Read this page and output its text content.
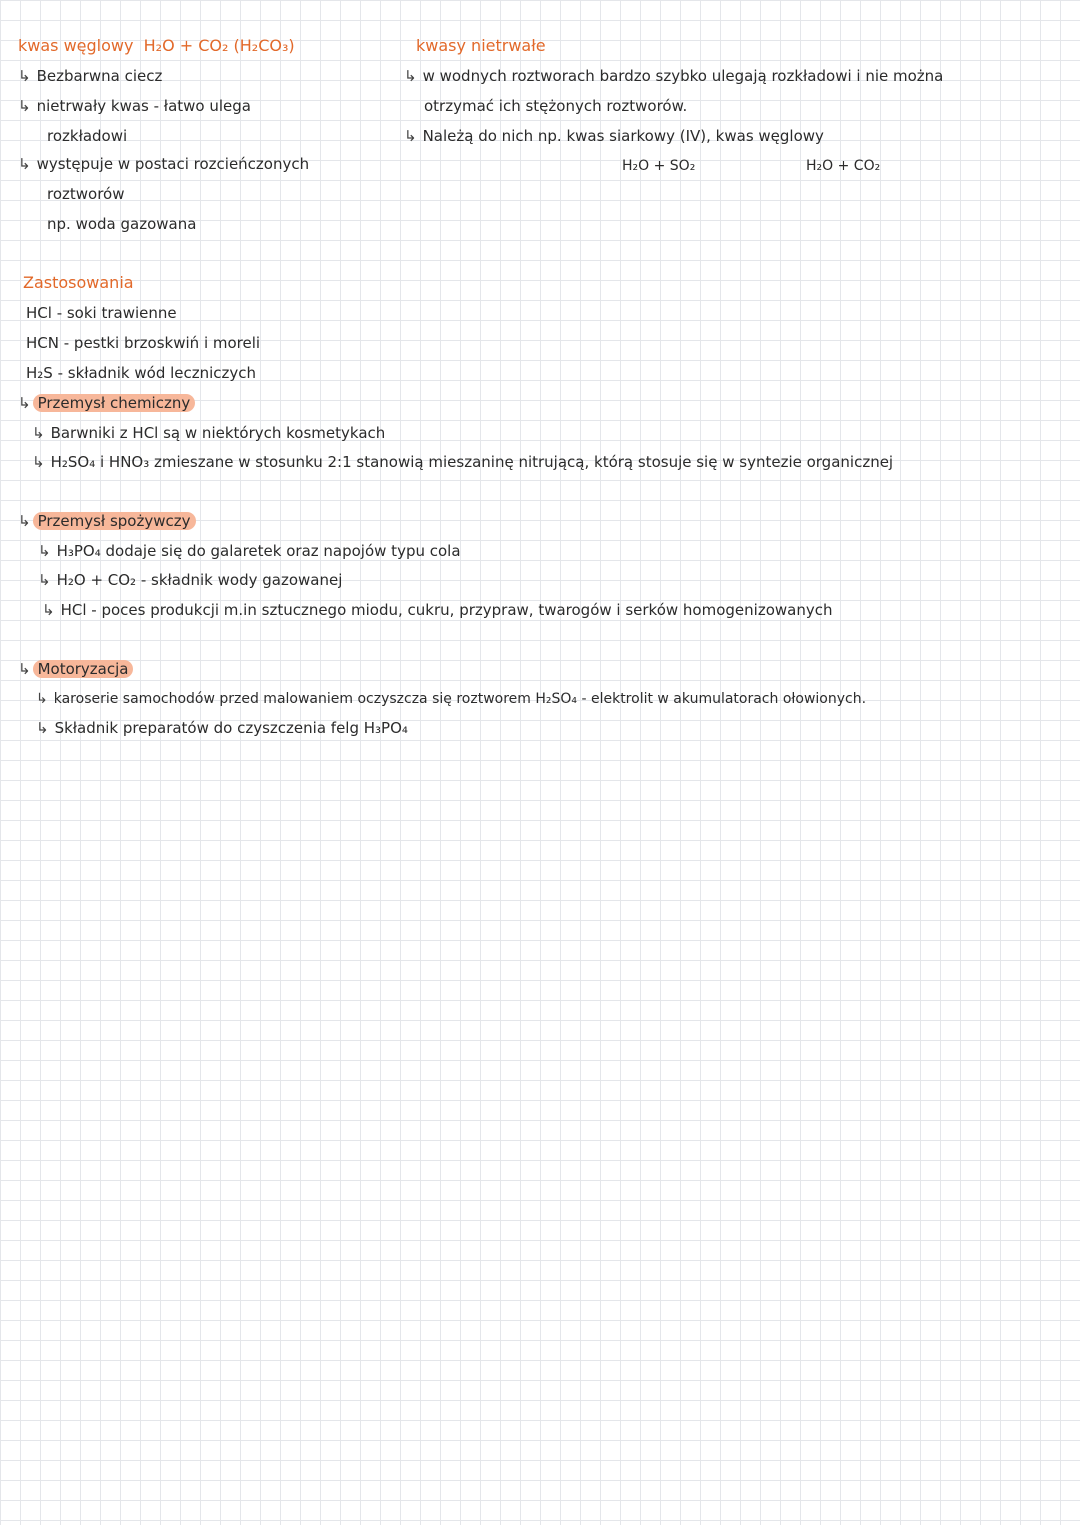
kwas węglowy H₂O + CO₂ (H₂CO₃)
↳ Bezbarwna ciecz
↳ nietrwały kwas - łatwo ulega
rozkładowi
↳ występuje w postaci rozcieńczonych
roztworów
np. woda gazowana
kwasy nietrwałe
↳ w wodnych roztworach bardzo szybko ulegają rozkładowi i nie można
otrzymać ich stężonych roztworów.
↳ Należą do nich np. kwas siarkowy (IV), kwas węglowy
H₂O + SO₂	H₂O + CO₂
Zastosowania
HCl - soki trawienne
HCN - pestki brzoskwiń i moreli
H₂S - składnik wód leczniczych
↳ Przemysł chemiczny
↳ Barwniki z HCl są w niektórych kosmetykach
↳ H₂SO₄ i HNO₃ zmieszane w stosunku 2:1 stanowią mieszaninę nitrującą, którą stosuje się w syntezie organicznej
↳ Przemysł spożywczy
↳ H₃PO₄ dodaje się do galaretek oraz napojów typu cola
↳ H₂O + CO₂ - składnik wody gazowanej
↳ HCl - poces produkcji m.in sztucznego miodu, cukru, przypraw, twarogów i serków homogenizowanych
↳ Motoryzacja
↳ karoserie samochodów przed malowaniem oczyszcza się roztworem H₂SO₄ - elektrolit w akumulatorach ołowionych.
↳ Składnik preparatów do czyszczenia felg H₃PO₄
